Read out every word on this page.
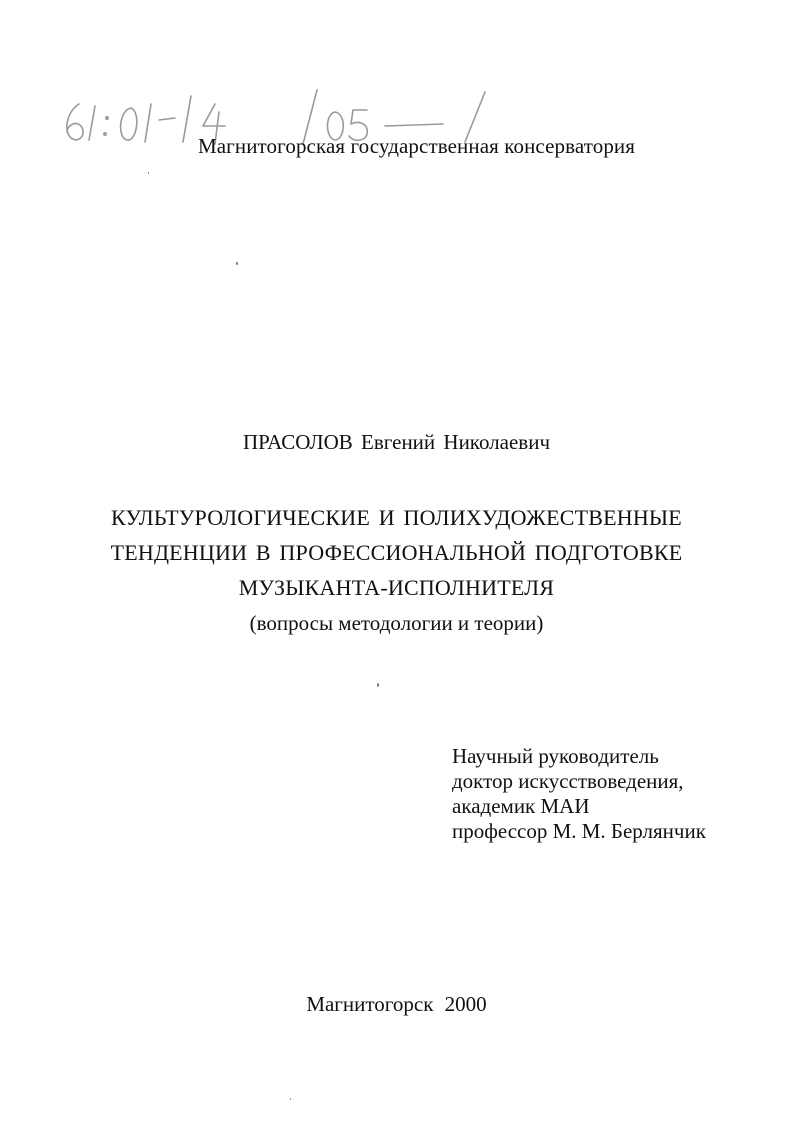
Магнитогорская государственная консерватория
ПРАСОЛОВ Евгений Николаевич
КУЛЬТУРОЛОГИЧЕСКИЕ И ПОЛИХУДОЖЕСТВЕННЫЕ
ТЕНДЕНЦИИ В ПРОФЕССИОНАЛЬНОЙ ПОДГОТОВКЕ
МУЗЫКАНТА-ИСПОЛНИТЕЛЯ
(вопросы методологии и теории)
Научный руководитель
доктор искусствоведения,
академик МАИ
профессор М. М. Берлянчик
Магнитогорск 2000
